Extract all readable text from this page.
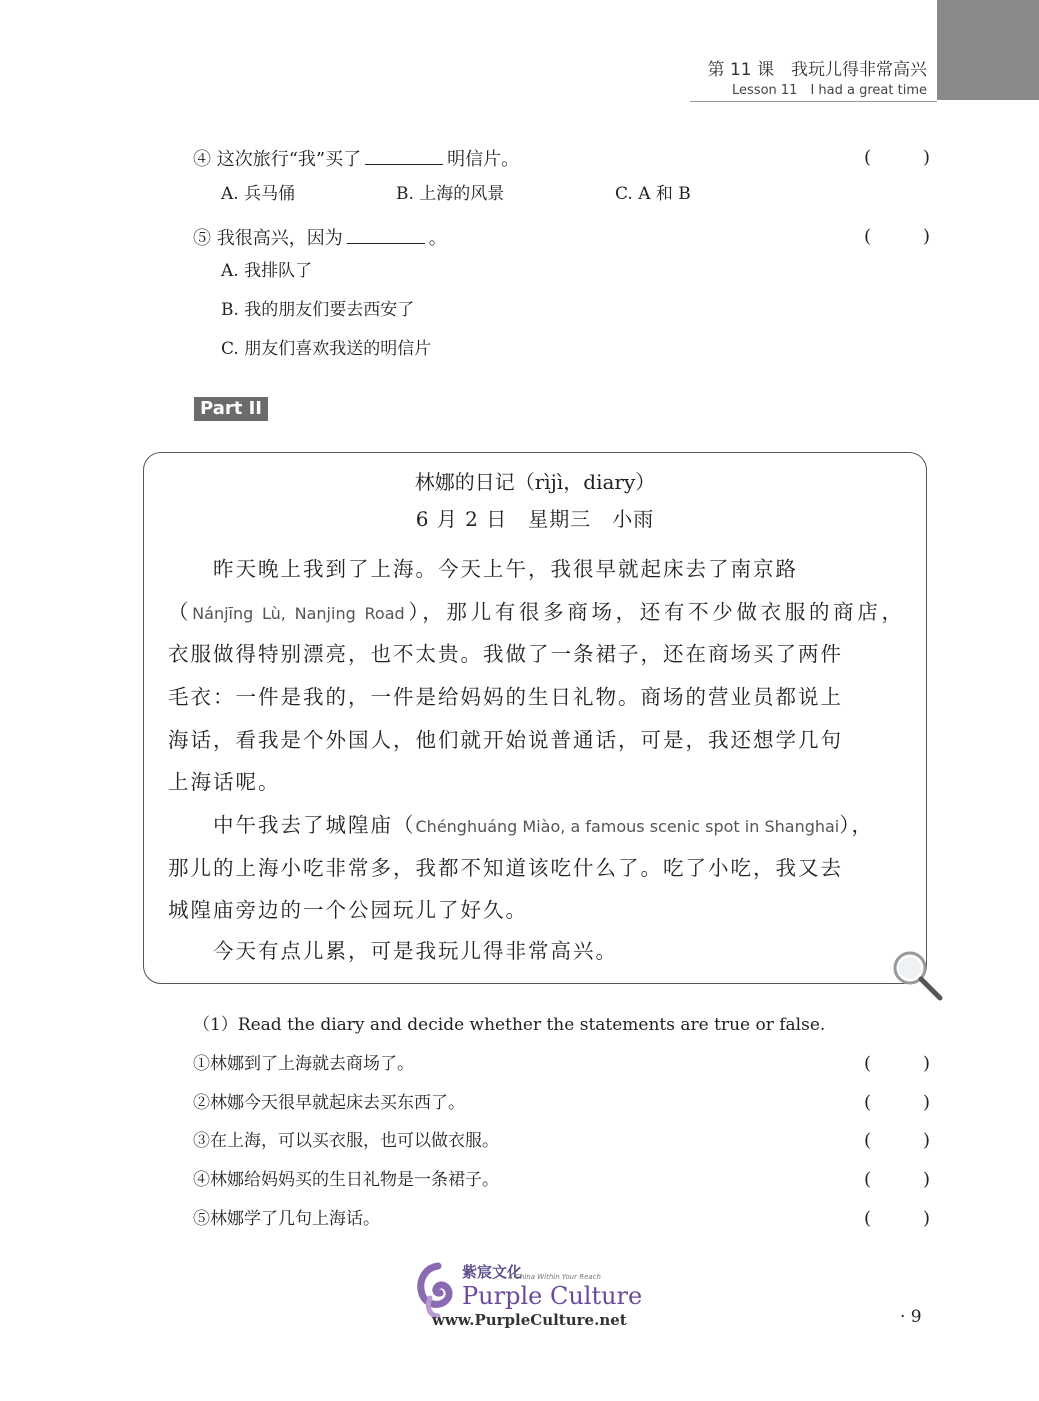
第 11 课　我玩儿得非常高兴
Lesson 11　I had a great time
④ 这次旅行“我”买了	明信片。	(	)
A. 兵马俑	B. 上海的风景	C. A 和 B
⑤ 我很高兴，因为	。	(	)
A. 我排队了
B. 我的朋友们要去西安了
C. 朋友们喜欢我送的明信片
Part II
林娜的日记（rìjì，diary）
6 月 2 日　星期三　小雨
　　昨天晚上我到了上海。今天上午，我很早就起床去了南京路
（Nánjīng Lù, Nanjing Road），那儿有很多商场，还有不少做衣服的商店，
衣服做得特别漂亮，也不太贵。我做了一条裙子，还在商场买了两件
毛衣：一件是我的，一件是给妈妈的生日礼物。商场的营业员都说上
海话，看我是个外国人，他们就开始说普通话，可是，我还想学几句
上海话呢。
　　中午我去了城隍庙（Chénghuáng Miào, a famous scenic spot in Shanghai），
那儿的上海小吃非常多，我都不知道该吃什么了。吃了小吃，我又去
城隍庙旁边的一个公园玩儿了好久。
　　今天有点儿累，可是我玩儿得非常高兴。
（1）Read the diary and decide whether the statements are true or false.
①林娜到了上海就去商场了。	(	)
②林娜今天很早就起床去买东西了。	(	)
③在上海，可以买衣服，也可以做衣服。	(	)
④林娜给妈妈买的生日礼物是一条裙子。	(	)
⑤林娜学了几句上海话。	(	)
紫宸文化
A China Within Your Reach
Purple Culture
www.PurpleCulture.net	· 9
